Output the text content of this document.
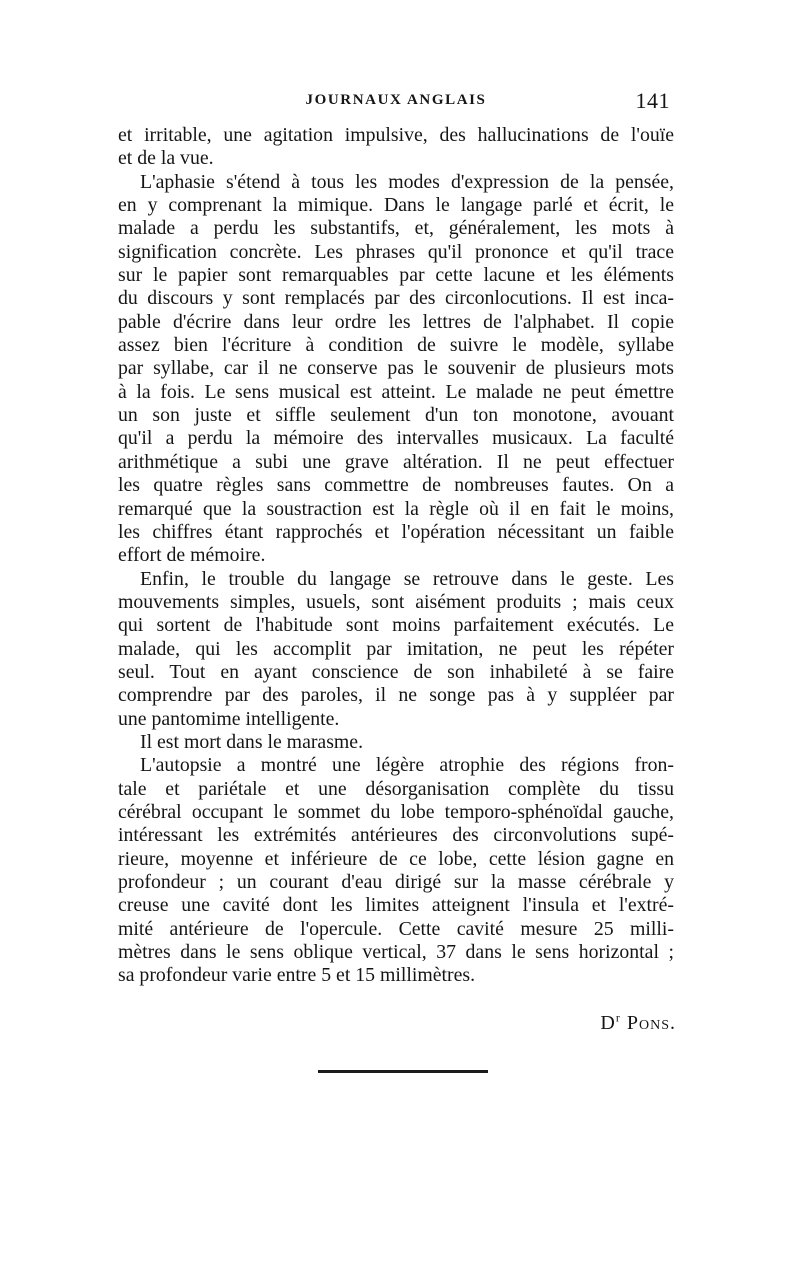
JOURNAUX ANGLAIS	141

et irritable, une agitation impulsive, des hallucinations de l'ouïe
et de la vue.

L'aphasie s'étend à tous les modes d'expression de la pensée,
en y comprenant la mimique. Dans le langage parlé et écrit, le
malade a perdu les substantifs, et, généralement, les mots à
signification concrète. Les phrases qu'il prononce et qu'il trace
sur le papier sont remarquables par cette lacune et les éléments
du discours y sont remplacés par des circonlocutions. Il est inca-
pable d'écrire dans leur ordre les lettres de l'alphabet. Il copie
assez bien l'écriture à condition de suivre le modèle, syllabe
par syllabe, car il ne conserve pas le souvenir de plusieurs mots
à la fois. Le sens musical est atteint. Le malade ne peut émettre
un son juste et siffle seulement d'un ton monotone, avouant
qu'il a perdu la mémoire des intervalles musicaux. La faculté
arithmétique a subi une grave altération. Il ne peut effectuer
les quatre règles sans commettre de nombreuses fautes. On a
remarqué que la soustraction est la règle où il en fait le moins,
les chiffres étant rapprochés et l'opération nécessitant un faible
effort de mémoire.

Enfin, le trouble du langage se retrouve dans le geste. Les
mouvements simples, usuels, sont aisément produits ; mais ceux
qui sortent de l'habitude sont moins parfaitement exécutés. Le
malade, qui les accomplit par imitation, ne peut les répéter
seul. Tout en ayant conscience de son inhabileté à se faire
comprendre par des paroles, il ne songe pas à y suppléer par
une pantomime intelligente.

Il est mort dans le marasme.

L'autopsie a montré une légère atrophie des régions fron-
tale et pariétale et une désorganisation complète du tissu
cérébral occupant le sommet du lobe temporo-sphénoïdal gauche,
intéressant les extrémités antérieures des circonvolutions supé-
rieure, moyenne et inférieure de ce lobe, cette lésion gagne en
profondeur ; un courant d'eau dirigé sur la masse cérébrale y
creuse une cavité dont les limites atteignent l'insula et l'extré-
mité antérieure de l'opercule. Cette cavité mesure 25 milli-
mètres dans le sens oblique vertical, 37 dans le sens horizontal ;
sa profondeur varie entre 5 et 15 millimètres.

$D^r$ Pons.
